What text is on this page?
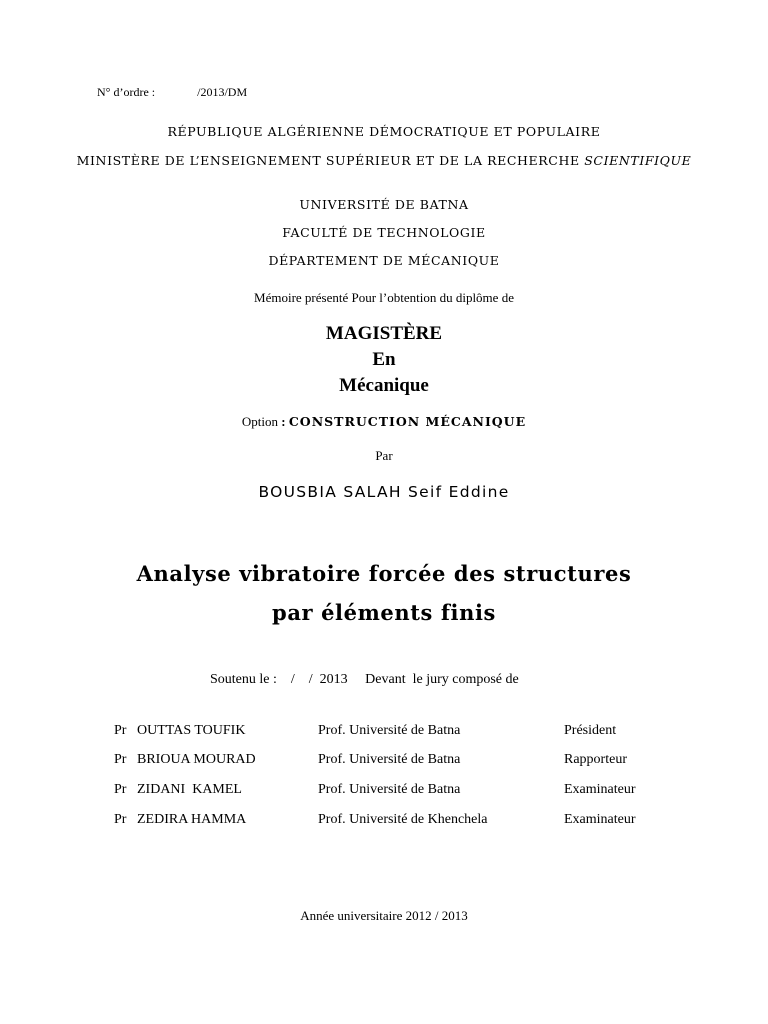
N° d’ordre :	/2013/DM
RÉPUBLIQUE ALGÉRIENNE DÉMOCRATIQUE ET POPULAIRE
MINISTÈRE DE L’ENSEIGNEMENT SUPÉRIEUR ET DE LA RECHERCHE SCIENTIFIQUE
UNIVERSITÉ DE BATNA
FACULTÉ DE TECHNOLOGIE
DÉPARTEMENT DE MÉCANIQUE
Mémoire présenté Pour l’obtention du diplôme de
MAGISTÈRE
En
Mécanique
Option : CONSTRUCTION MÉCANIQUE
Par
BOUSBIA SALAH Seif Eddine
Analyse vibratoire forcée des structures
par éléments finis
Soutenu le :    /    /  2013     Devant  le jury composé de
Pr OUTTAS TOUFIK	Prof. Université de Batna	Président
Pr BRIOUA MOURAD	Prof. Université de Batna	Rapporteur
Pr ZIDANI  KAMEL	Prof. Université de Batna	Examinateur
Pr ZEDIRA HAMMA	Prof. Université de Khenchela	Examinateur
Année universitaire 2012 / 2013
